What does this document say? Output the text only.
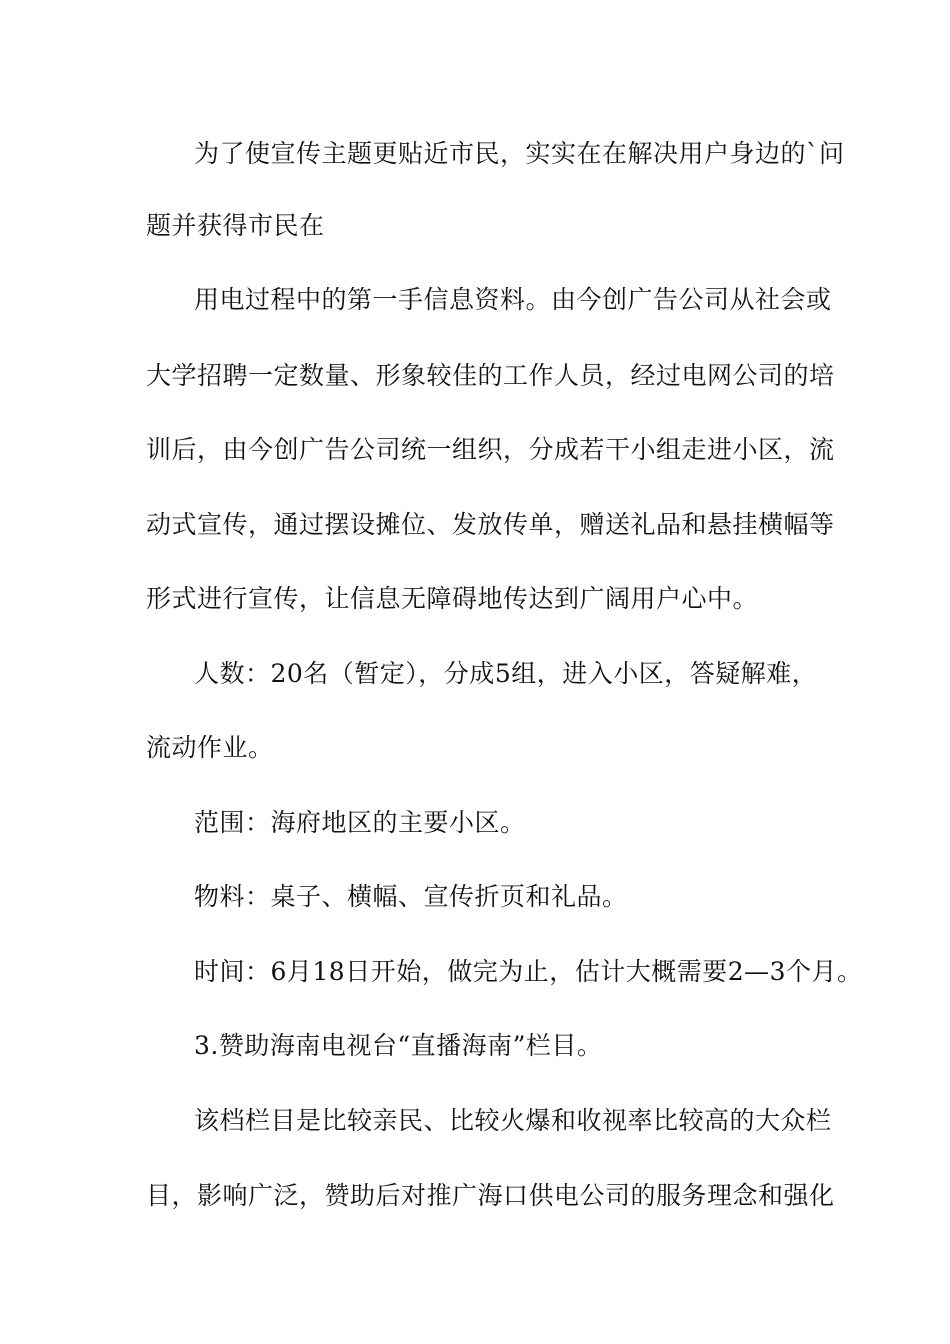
为了使宣传主题更贴近市民，实实在在解决用户身边的`问
题并获得市民在
用电过程中的第一手信息资料。由今创广告公司从社会或
大学招聘一定数量、形象较佳的工作人员，经过电网公司的培
训后，由今创广告公司统一组织，分成若干小组走进小区，流
动式宣传，通过摆设摊位、发放传单，赠送礼品和悬挂横幅等
形式进行宣传，让信息无障碍地传达到广阔用户心中。
人数：20名（暂定），分成5组，进入小区，答疑解难，
流动作业。
范围：海府地区的主要小区。
物料：桌子、横幅、宣传折页和礼品。
时间：6月18日开始，做完为止，估计大概需要2—3个月。
3.赞助海南电视台“直播海南”栏目。
该档栏目是比较亲民、比较火爆和收视率比较高的大众栏
目，影响广泛，赞助后对推广海口供电公司的服务理念和强化
